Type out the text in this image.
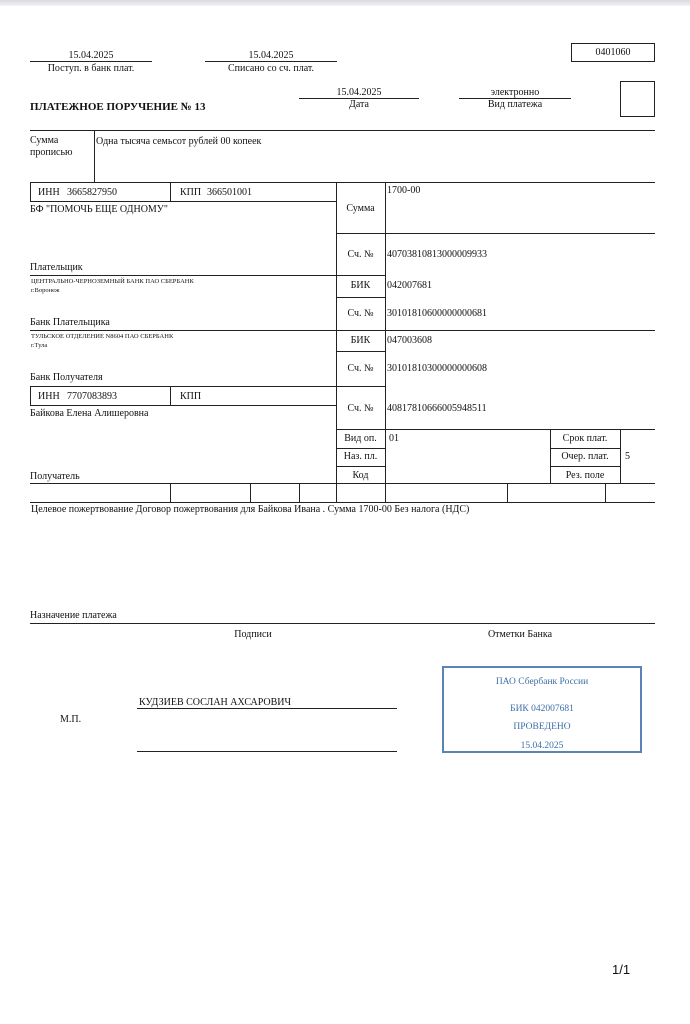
15.04.2025
Поступ. в банк плат.
15.04.2025
Списано со сч. плат.
0401060
ПЛАТЕЖНОЕ ПОРУЧЕНИЕ № 13
15.04.2025
Дата
электронно
Вид платежа
Сумма
прописью
Одна тысяча семьсот рублей 00 копеек
ИНН 3665827950	КПП 366501001
БФ "ПОМОЧЬ ЕЩЕ ОДНОМУ"
Плательщик
Сумма
1700-00
Сч. №	40703810813000009933
ЦЕНТРАЛЬНО-ЧЕРНОЗЕМНЫЙ БАНК ПАО СБЕРБАНК
г.Воронеж
Банк Плательщика
БИК	042007681
Сч. №	30101810600000000681
ТУЛЬСКОЕ ОТДЕЛЕНИЕ N8604 ПАО СБЕРБАНК
г.Тула
Банк Получателя
БИК	047003608
Сч. №	30101810300000000608
ИНН 7707083893	КПП
Байкова Елена Алишеровна	Сч. №	40817810666005948511
Вид оп.	01
Наз. пл.
Код
Срок плат.
Очер. плат.	5
Рез. поле
Получатель
Целевое пожертвование Договор пожертвования для Байкова Ивана . Сумма 1700-00 Без налога (НДС)
Назначение платежа
Подписи	Отметки Банка
М.П.
КУДЗИЕВ СОСЛАН АХСАРОВИЧ
ПАО Сбербанк России
БИК 042007681
ПРОВЕДЕНО
15.04.2025
1/1
